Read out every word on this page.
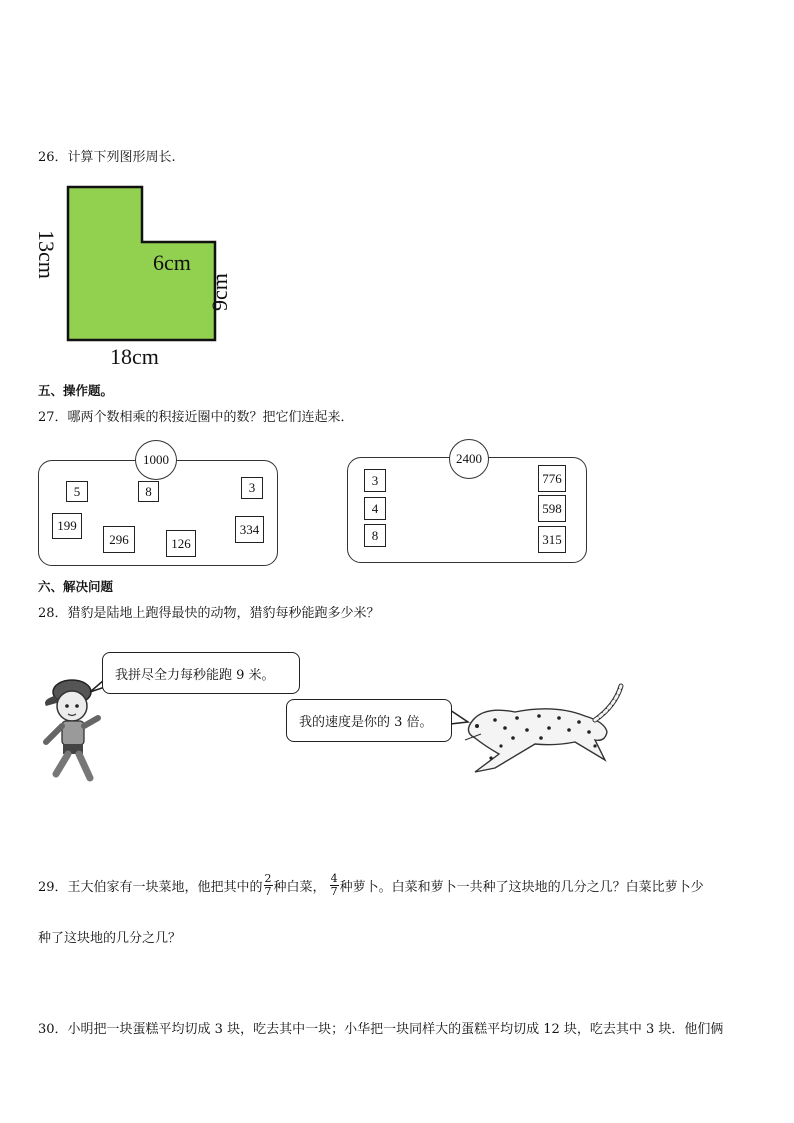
26．计算下列图形周长.
13cm	6cm
9cm
18cm
五、操作题。
27．哪两个数相乘的积接近圈中的数？把它们连起来．
1000
5	8	3
199
296	126
334
2400
3
4
8
776
598
315
六、解决问题
28．猎豹是陆地上跑得最快的动物，猎豹每秒能跑多少米？
我拼尽全力每秒能跑 9 米。
我的速度是你的 3 倍。
29．王大伯家有一块菜地，他把其中的 $\frac{2}{7}$ 种白菜， $\frac{4}{7}$ 种萝卜。白菜和萝卜一共种了这块地的几分之几？白菜比萝卜少
种了这块地的几分之几？
30．小明把一块蛋糕平均切成 3 块，吃去其中一块；小华把一块同样大的蛋糕平均切成 12 块，吃去其中 3 块．他们俩
